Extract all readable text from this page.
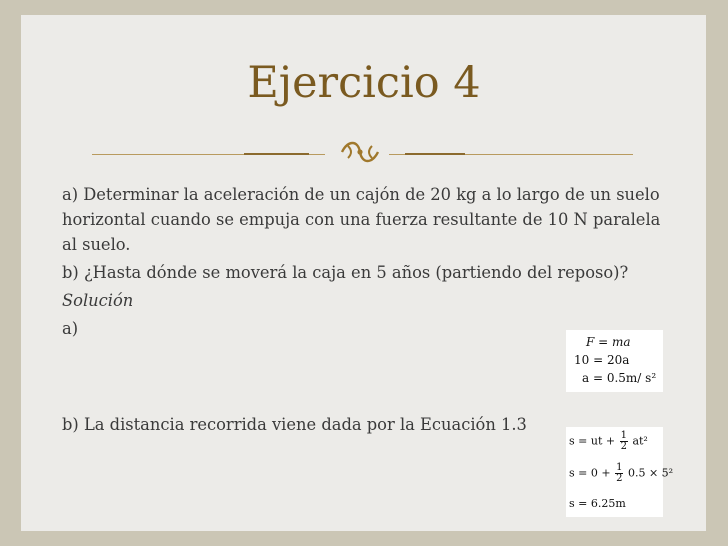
Ejercicio 4

a) Determinar la aceleración de un cajón de 20 kg a lo largo de un suelo horizontal cuando se empuja con una fuerza resultante de 10 N paralela al suelo.

b) ¿Hasta dónde se moverá la caja en 5 años (partiendo del reposo)?

Solución

a)

b) La distancia recorrida viene dada por la Ecuación 1.3

F = ma
10 = 20a
a = 0.5m/ s²
s = ut + $\frac{1}{2} at^2$
$s = 0 + \frac{1}{2} 0.5 \times 5^2$
s = 6.25m
